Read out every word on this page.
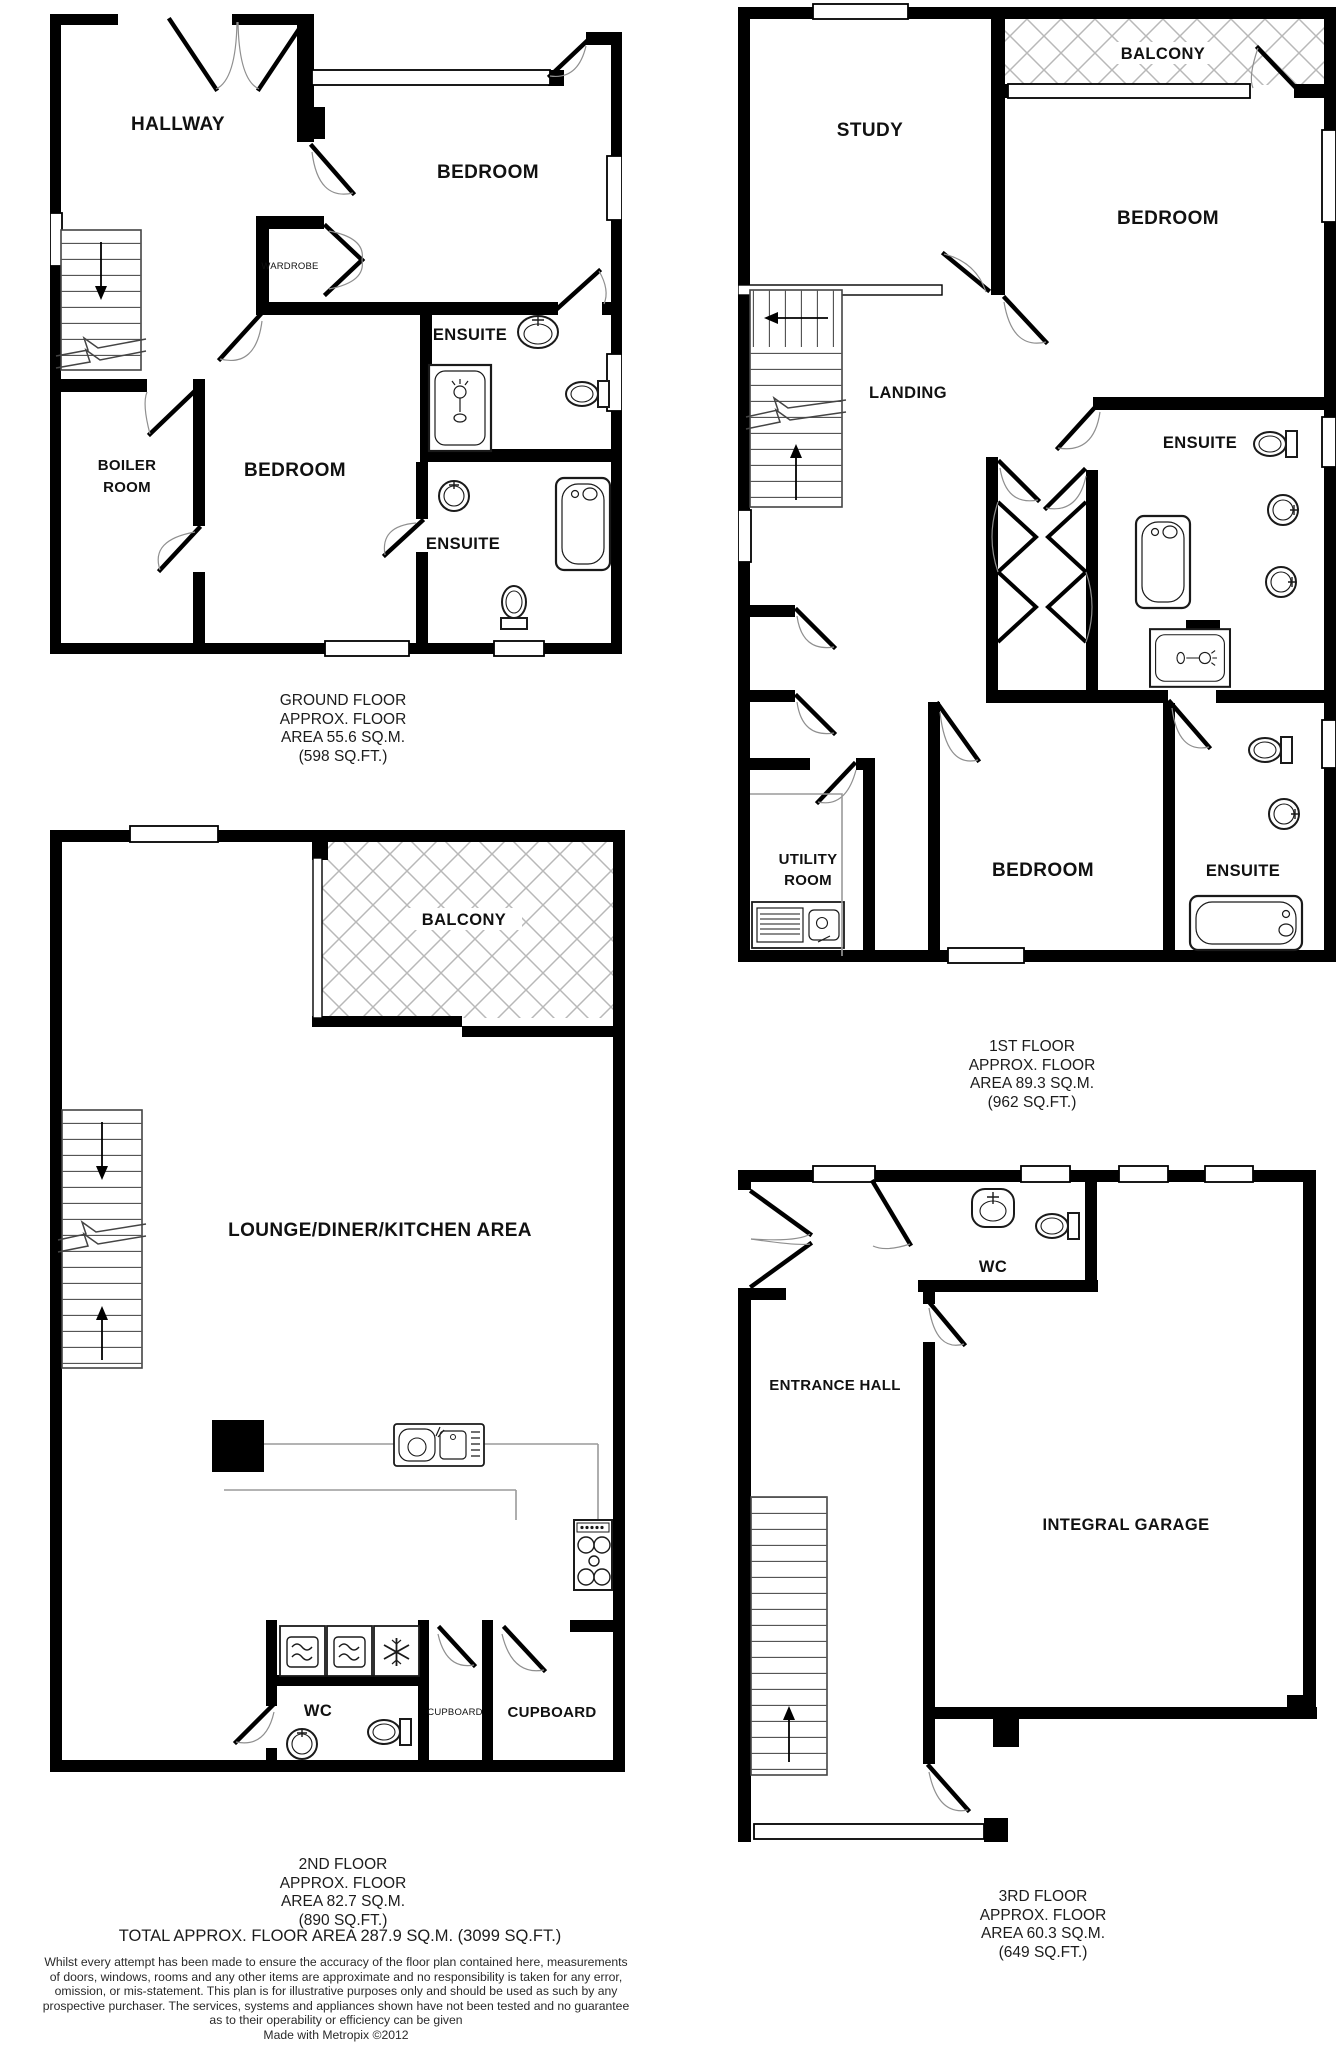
HALLWAY
BEDROOM
WARDROBE
ENSUITE
BOILER
ROOM
BEDROOM
ENSUITE
BALCONY
STUDY
BEDROOM
LANDING
ENSUITE
UTILITY
ROOM	BEDROOM	ENSUITE
BALCONY
LOUNGE/DINER/KITCHEN AREA
WC	CUPBOARD CUPBOARD
WC
ENTRANCE HALL
INTEGRAL GARAGE
GROUND FLOOR
APPROX. FLOOR
AREA 55.6 SQ.M.
(598 SQ.FT.)
1ST FLOOR
APPROX. FLOOR
AREA 89.3 SQ.M.
(962 SQ.FT.)
2ND FLOOR
APPROX. FLOOR
AREA 82.7 SQ.M.
(890 SQ.FT.)
3RD FLOOR
APPROX. FLOOR
AREA 60.3 SQ.M.
(649 SQ.FT.)
TOTAL APPROX. FLOOR AREA 287.9 SQ.M. (3099 SQ.FT.)
Whilst every attempt has been made to ensure the accuracy of the floor plan contained here, measurements
of doors, windows, rooms and any other items are approximate and no responsibility is taken for any error,
omission, or mis-statement. This plan is for illustrative purposes only and should be used as such by any
prospective purchaser. The services, systems and appliances shown have not been tested and no guarantee
as to their operability or efficiency can be given
Made with Metropix ©2012
